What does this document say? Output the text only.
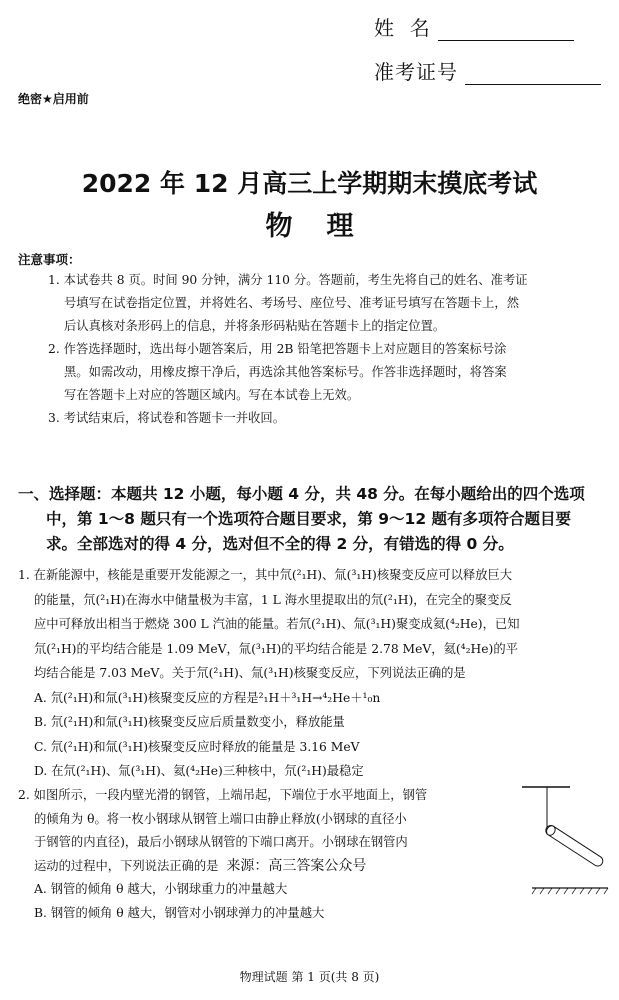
姓  名
准考证号
绝密★启用前
2022 年 12 月高三上学期期末摸底考试
物理
注意事项：
1. 本试卷共 8 页。时间 90 分钟，满分 110 分。答题前，考生先将自己的姓名、准考证
号填写在试卷指定位置，并将姓名、考场号、座位号、准考证号填写在答题卡上，然
后认真核对条形码上的信息，并将条形码粘贴在答题卡上的指定位置。
2. 作答选择题时，选出每小题答案后，用 2B 铅笔把答题卡上对应题目的答案标号涂
黑。如需改动，用橡皮擦干净后，再选涂其他答案标号。作答非选择题时，将答案
写在答题卡上对应的答题区域内。写在本试卷上无效。
3. 考试结束后，将试卷和答题卡一并收回。
一、选择题：本题共 12 小题，每小题 4 分，共 48 分。在每小题给出的四个选项
中，第 1～8 题只有一个选项符合题目要求，第 9～12 题有多项符合题目要
求。全部选对的得 4 分，选对但不全的得 2 分，有错选的得 0 分。
1. 在新能源中，核能是重要开发能源之一，其中氘(²₁H)、氚(³₁H)核聚变反应可以释放巨大
的能量，氘(²₁H)在海水中储量极为丰富，1 L 海水里提取出的氘(²₁H)，在完全的聚变反
应中可释放出相当于燃烧 300 L 汽油的能量。若氘(²₁H)、氚(³₁H)聚变成氦(⁴₂He)，已知
氘(²₁H)的平均结合能是 1.09 MeV，氚(³₁H)的平均结合能是 2.78 MeV，氦(⁴₂He)的平
均结合能是 7.03 MeV。关于氘(²₁H)、氚(³₁H)核聚变反应，下列说法正确的是
A. 氘(²₁H)和氚(³₁H)核聚变反应的方程是²₁H＋³₁H→⁴₂He＋¹₀n
B. 氘(²₁H)和氚(³₁H)核聚变反应后质量数变小，释放能量
C. 氘(²₁H)和氚(³₁H)核聚变反应时释放的能量是 3.16 MeV
D. 在氘(²₁H)、氚(³₁H)、氦(⁴₂He)三种核中，氘(²₁H)最稳定
2. 如图所示，一段内壁光滑的钢管，上端吊起，下端位于水平地面上，钢管
的倾角为 θ。将一枚小钢球从钢管上端口由静止释放(小钢球的直径小
于钢管的内直径)，最后小钢球从钢管的下端口离开。小钢球在钢管内
运动的过程中，下列说法正确的是 来源：高三答案公众号
A. 钢管的倾角 θ 越大，小钢球重力的冲量越大
B. 钢管的倾角 θ 越大，钢管对小钢球弹力的冲量越大
物理试题 第 1 页(共 8 页)
